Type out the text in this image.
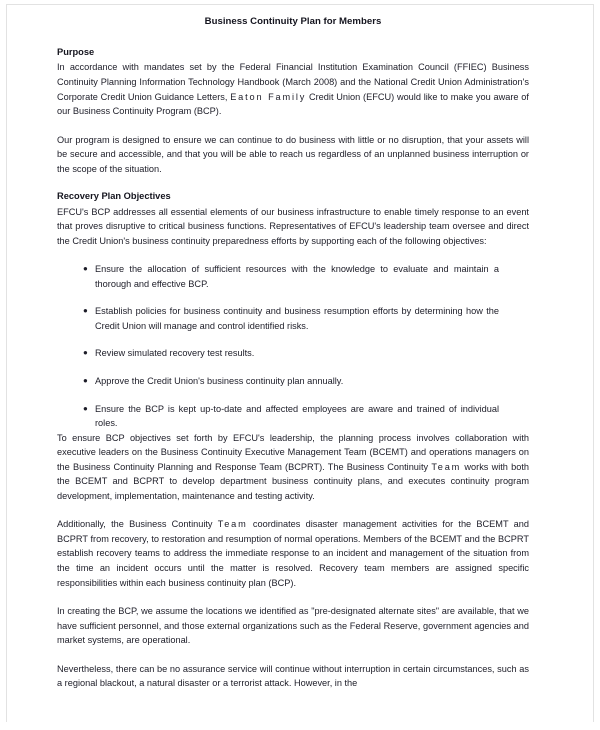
Business Continuity Plan for Members
Purpose

In accordance with mandates set by the Federal Financial Institution Examination Council (FFIEC) Business Continuity Planning Information Technology Handbook (March 2008) and the National Credit Union Administration's Corporate Credit Union Guidance Letters, Eaton Family Credit Union (EFCU) would like to make you aware of our Business Continuity Program (BCP).

Our program is designed to ensure we can continue to do business with little or no disruption, that your assets will be secure and accessible, and that you will be able to reach us regardless of an unplanned business interruption or the scope of the situation.

Recovery Plan Objectives

EFCU's BCP addresses all essential elements of our business infrastructure to enable timely response to an event that proves disruptive to critical business functions. Representatives of EFCU's leadership team oversee and direct the Credit Union's business continuity preparedness efforts by supporting each of the following objectives:

● Ensure the allocation of sufficient resources with the knowledge to evaluate and maintain a thorough and effective BCP.
● Establish policies for business continuity and business resumption efforts by determining how the Credit Union will manage and control identified risks.
● Review simulated recovery test results.
● Approve the Credit Union's business continuity plan annually.
● Ensure the BCP is kept up-to-date and affected employees are aware and trained of individual roles.

To ensure BCP objectives set forth by EFCU's leadership, the planning process involves collaboration with executive leaders on the Business Continuity Executive Management Team (BCEMT) and operations managers on the Business Continuity Planning and Response Team (BCPRT). The Business Continuity Team works with both the BCEMT and BCPRT to develop department business continuity plans, and executes continuity program development, implementation, maintenance and testing activity.

Additionally, the Business Continuity Team coordinates disaster management activities for the BCEMT and BCPRT from recovery, to restoration and resumption of normal operations. Members of the BCEMT and the BCPRT establish recovery teams to address the immediate response to an incident and management of the situation from the time an incident occurs until the matter is resolved. Recovery team members are assigned specific responsibilities within each business continuity plan (BCP).

In creating the BCP, we assume the locations we identified as "pre-designated alternate sites" are available, that we have sufficient personnel, and those external organizations such as the Federal Reserve, government agencies and market systems, are operational.

Nevertheless, there can be no assurance service will continue without interruption in certain circumstances, such as a regional blackout, a natural disaster or a terrorist attack. However, in the
